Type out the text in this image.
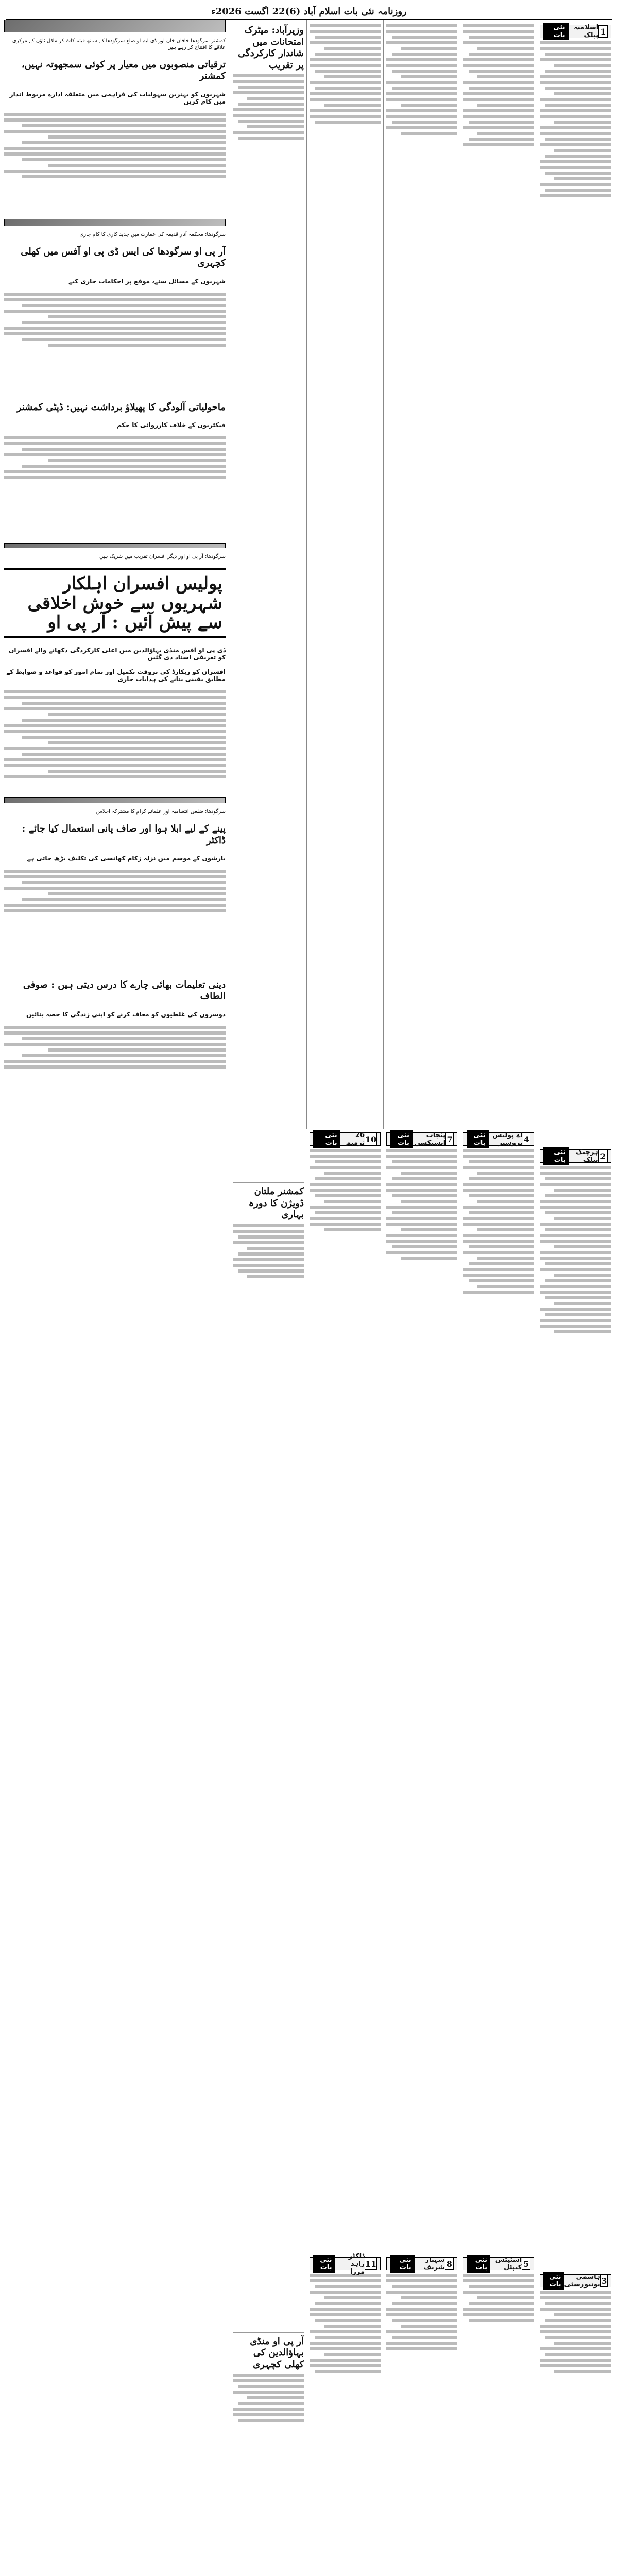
روزنامہ نئی بات اسلام آباد (6)22 اگست 2026ء
1
اسلامیہ پبلک
نئی بات
2
ہرچیک پبلک
نئی بات
3
ہاشمی یونیورسٹی
نئی بات
4
اے پولیس پروسپر
نئی بات
5
اسٹیٹس کیپٹل
نئی بات
7
پنجاب انسپکشن
نئی بات
8
شہباز شریف
نئی بات
10
26 ترمیم
نئی بات
11
ڈاکٹر زاہد مرزا
نئی بات
وزیرآباد: میٹرک امتحانات میں شاندار کارکردگی پر تقریب
کمشنر ملتان ڈویژن کا دورہ بہاری
آر پی او منڈی بہاؤالدین کی کھلی کچہری
کمشنر سرگودھا خاقان خان اور ڈی ایم او ضلع سرگودھا کے ساتھ فیتہ کاٹ کر ماڈل ٹاؤن کے مرکزی علاقے کا افتتاح کر رہے ہیں
ترقیاتی منصوبوں میں معیار پر کوئی سمجھوتہ نہیں، کمشنر
شہریوں کو بہترین سہولیات کی فراہمی میں متعلقہ ادارے مربوط انداز میں کام کریں
سرگودھا: محکمہ آثار قدیمہ کی عمارت میں جدید کاری کا کام جاری
آر پی او سرگودھا کی ایس ڈی پی او آفس میں کھلی کچہری
شہریوں کے مسائل سنے، موقع پر احکامات جاری کیے
ماحولیاتی آلودگی کا پھیلاؤ برداشت نہیں: ڈپٹی کمشنر
فیکٹریوں کے خلاف کارروائی کا حکم
سرگودھا: آر پی او اور دیگر افسران تقریب میں شریک ہیں
پولیس افسران اہلکار شہریوں سے خوش اخلاقی سے پیش آئیں : آر پی او
ڈی پی او آفس منڈی بہاؤالدین میں اعلی کارکردگی دکھانے والے افسران کو تعریفی اسناد دی گئیں
افسران کو ریکارڈ کی بروقت تکمیل اور تمام امور کو قواعد و ضوابط کے مطابق یقینی بنانے کی ہدایات جاری
سرگودھا: ضلعی انتظامیہ اور علمائے کرام کا مشترکہ اجلاس
پینے کے لیے ابلا ہوا اور صاف پانی استعمال کیا جائے : ڈاکٹر
بارشوں کے موسم میں نزلہ زکام کھانسی کی تکلیف بڑھ جاتی ہے
دینی تعلیمات بھائی چارے کا درس دیتی ہیں : صوفی الطاف
دوسروں کی غلطیوں کو معاف کرنے کو اپنی زندگی کا حصہ بنائیں
